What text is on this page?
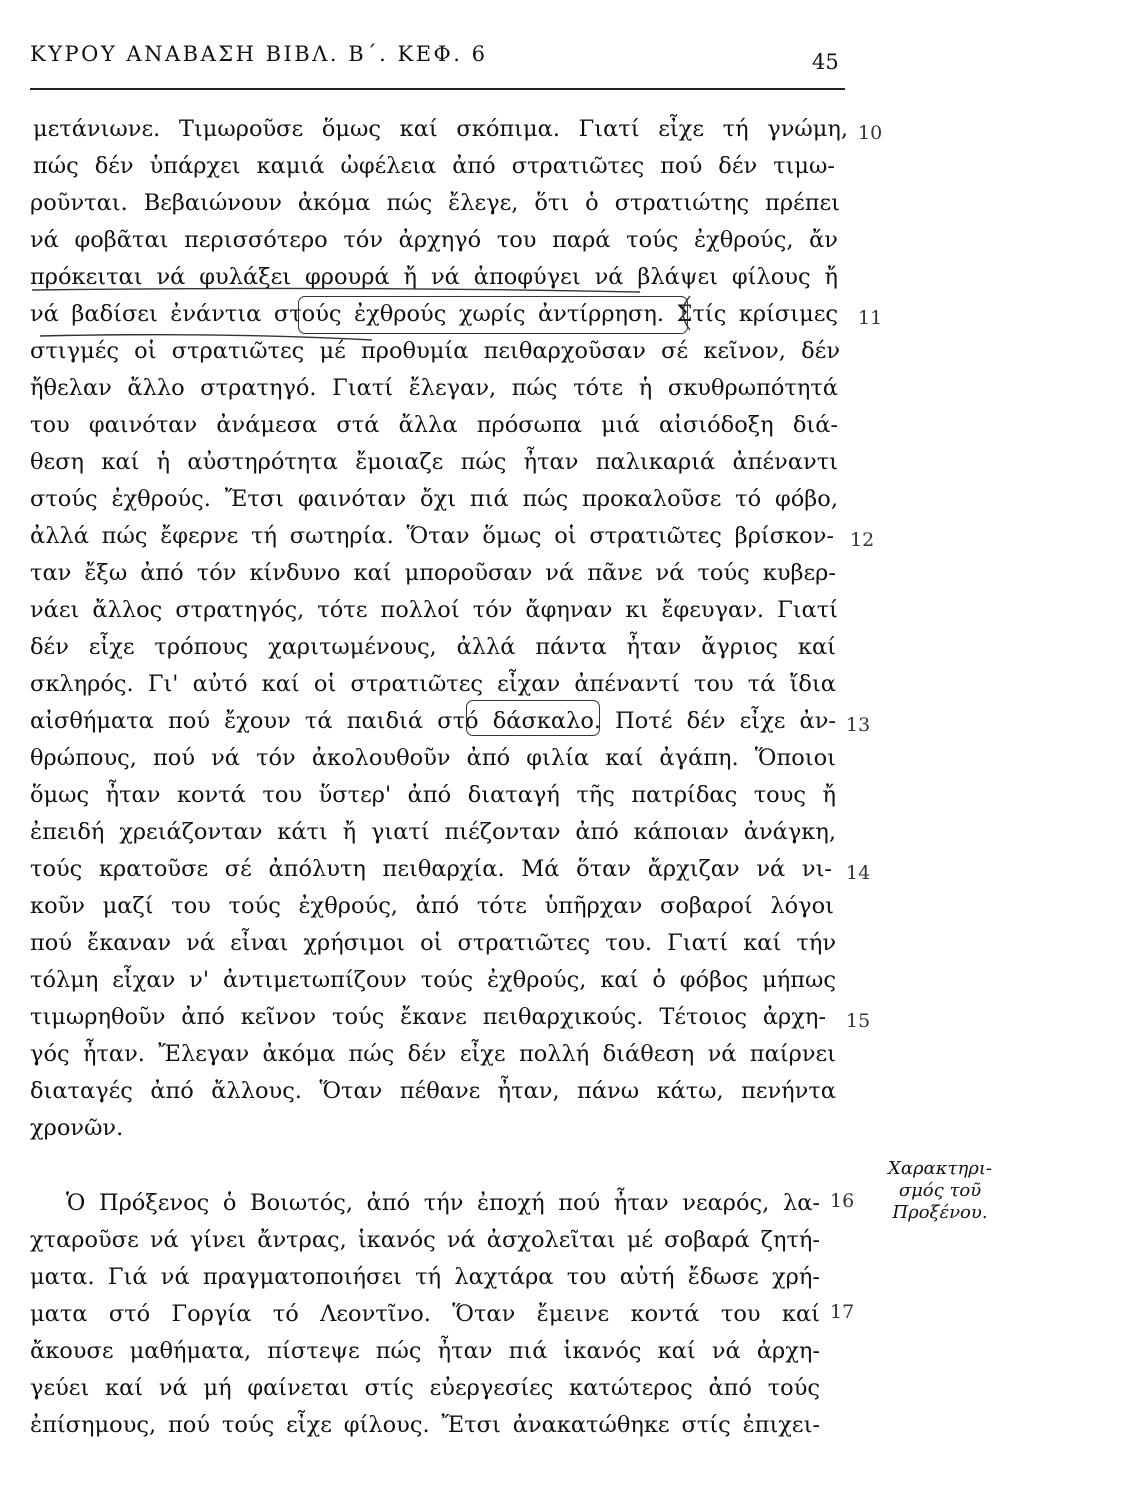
ΚΥΡΟΥ ΑΝΑΒΑΣΗ ΒΙΒΛ. Β΄. ΚΕΦ. 6	45
μετάνιωνε. Τιμωροῦσε ὅμως καί σκόπιμα. Γιατί εἶχε τή γνώμη,
πώς δέν ὑπάρχει καμιά ὠφέλεια ἀπό στρατιῶτες πού δέν τιμω-
ροῦνται. Βεβαιώνουν ἀκόμα πώς ἔλεγε, ὅτι ὁ στρατιώτης πρέπει
νά φοβᾶται περισσότερο τόν ἀρχηγό του παρά τούς ἐχθρούς, ἄν
πρόκειται νά φυλάξει φρουρά ἤ νά ἀποφύγει νά βλάψει φίλους ἤ
νά βαδίσει ἐνάντια στούς ἐχθρούς χωρίς ἀντίρρηση. Στίς κρίσιμες
στιγμές οἱ στρατιῶτες μέ προθυμία πειθαρχοῦσαν σέ κεῖνον, δέν
ἤθελαν ἄλλο στρατηγό. Γιατί ἔλεγαν, πώς τότε ἡ σκυθρωπότητά
του φαινόταν ἀνάμεσα στά ἄλλα πρόσωπα μιά αἰσιόδοξη διά-
θεση καί ἡ αὐστηρότητα ἔμοιαζε πώς ἦταν παλικαριά ἀπέναντι
στούς ἐχθρούς. Ἔτσι φαινόταν ὄχι πιά πώς προκαλοῦσε τό φόβο,
ἀλλά πώς ἔφερνε τή σωτηρία. Ὅταν ὅμως οἱ στρατιῶτες βρίσκον-
ταν ἔξω ἀπό τόν κίνδυνο καί μποροῦσαν νά πᾶνε νά τούς κυβερ-
νάει ἄλλος στρατηγός, τότε πολλοί τόν ἄφηναν κι ἔφευγαν. Γιατί
δέν εἶχε τρόπους χαριτωμένους, ἀλλά πάντα ἦταν ἄγριος καί
σκληρός. Γι' αὐτό καί οἱ στρατιῶτες εἶχαν ἀπέναντί του τά ἴδια
αἰσθήματα πού ἔχουν τά παιδιά στό δάσκαλο. Ποτέ δέν εἶχε ἀν-
θρώπους, πού νά τόν ἀκολουθοῦν ἀπό φιλία καί ἀγάπη. Ὅποιοι
ὅμως ἦταν κοντά του ὕστερ' ἀπό διαταγή τῆς πατρίδας τους ἤ
ἐπειδή χρειάζονταν κάτι ἤ γιατί πιέζονταν ἀπό κάποιαν ἀνάγκη,
τούς κρατοῦσε σέ ἀπόλυτη πειθαρχία. Μά ὅταν ἄρχιζαν νά νι-
κοῦν μαζί του τούς ἐχθρούς, ἀπό τότε ὑπῆρχαν σοβαροί λόγοι
πού ἔκαναν νά εἶναι χρήσιμοι οἱ στρατιῶτες του. Γιατί καί τήν
τόλμη εἶχαν ν' ἀντιμετωπίζουν τούς ἐχθρούς, καί ὁ φόβος μήπως
τιμωρηθοῦν ἀπό κεῖνον τούς ἔκανε πειθαρχικούς. Τέτοιος ἀρχη-
γός ἦταν. Ἔλεγαν ἀκόμα πώς δέν εἶχε πολλή διάθεση νά παίρνει
διαταγές ἀπό ἄλλους. Ὅταν πέθανε ἦταν, πάνω κάτω, πενήντα
χρονῶν.
Ὁ Πρόξενος ὁ Βοιωτός, ἀπό τήν ἐποχή πού ἦταν νεαρός, λα-
χταροῦσε νά γίνει ἄντρας, ἱκανός νά ἀσχολεῖται μέ σοβαρά ζητή-
ματα. Γιά νά πραγματοποιήσει τή λαχτάρα του αὐτή ἔδωσε χρή-
ματα στό Γοργία τό Λεοντῖνο. Ὅταν ἔμεινε κοντά του καί
ἄκουσε μαθήματα, πίστεψε πώς ἦταν πιά ἱκανός καί νά ἀρχη-
γεύει καί νά μή φαίνεται στίς εὐεργεσίες κατώτερος ἀπό τούς
ἐπίσημους, πού τούς εἶχε φίλους. Ἔτσι ἀνακατώθηκε στίς ἐπιχει-
10
11
12
13
14
15
16
17
Χαρακτηρι-
σμός τοῦ
Προξένου.
